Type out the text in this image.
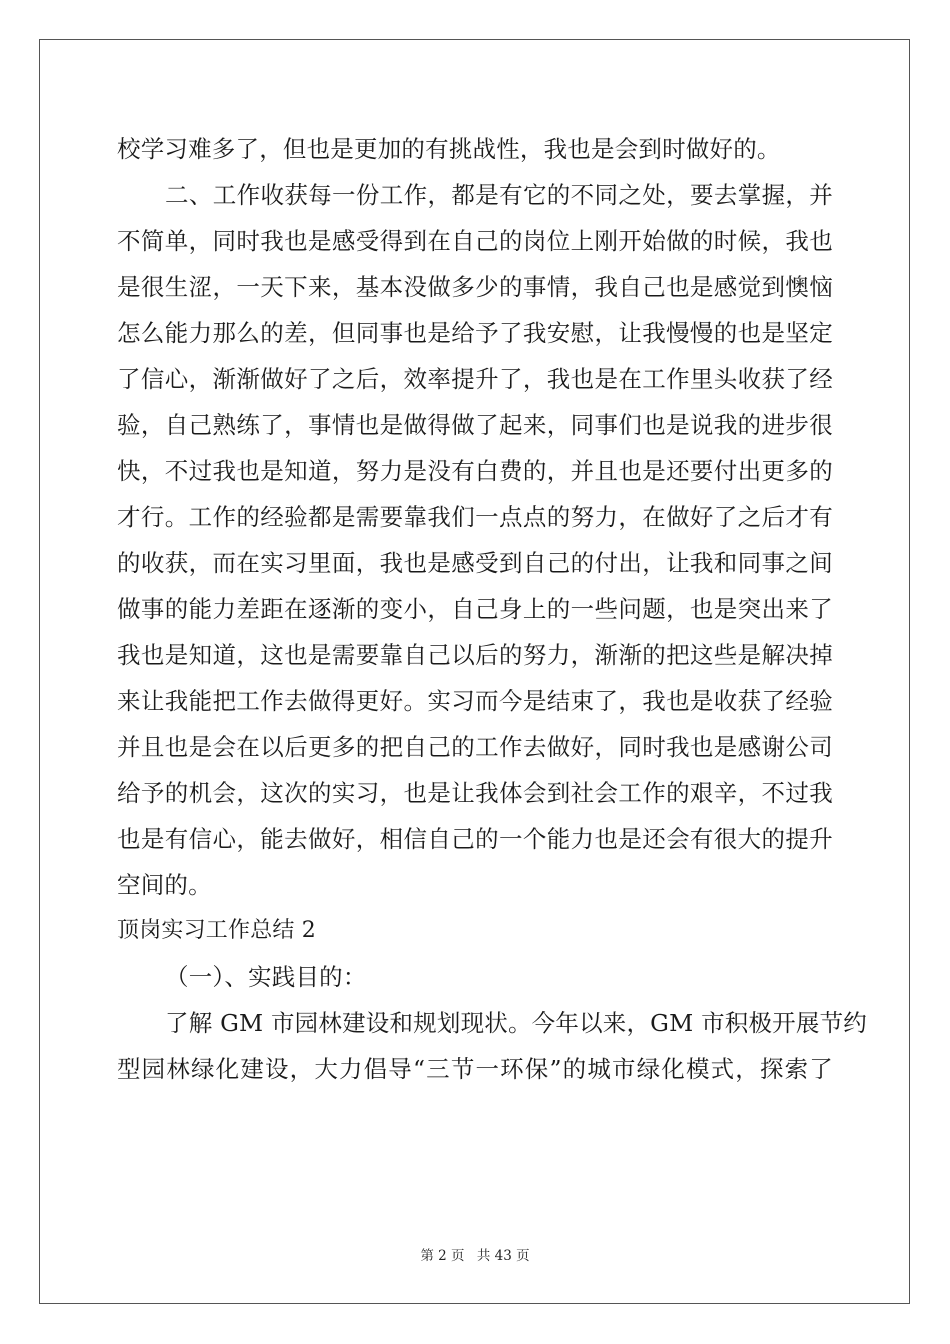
校学习难多了，但也是更加的有挑战性，我也是会到时做好的。
二、工作收获每一份工作，都是有它的不同之处，要去掌握，并
不简单，同时我也是感受得到在自己的岗位上刚开始做的时候，我也
是很生涩，一天下来，基本没做多少的事情，我自己也是感觉到懊恼
怎么能力那么的差，但同事也是给予了我安慰，让我慢慢的也是坚定
了信心，渐渐做好了之后，效率提升了，我也是在工作里头收获了经
验，自己熟练了，事情也是做得做了起来，同事们也是说我的进步很
快，不过我也是知道，努力是没有白费的，并且也是还要付出更多的
才行。工作的经验都是需要靠我们一点点的努力，在做好了之后才有
的收获，而在实习里面，我也是感受到自己的付出，让我和同事之间
做事的能力差距在逐渐的变小，自己身上的一些问题，也是突出来了
我也是知道，这也是需要靠自己以后的努力，渐渐的把这些是解决掉
来让我能把工作去做得更好。实习而今是结束了，我也是收获了经验
并且也是会在以后更多的把自己的工作去做好，同时我也是感谢公司
给予的机会，这次的实习，也是让我体会到社会工作的艰辛，不过我
也是有信心，能去做好，相信自己的一个能力也是还会有很大的提升
空间的。
顶岗实习工作总结 2
（一）、实践目的：
了解 GM 市园林建设和规划现状。今年以来，GM 市积极开展节约
型园林绿化建设，大力倡导“三节一环保”的城市绿化模式，探索了
第 2 页 共 43 页
